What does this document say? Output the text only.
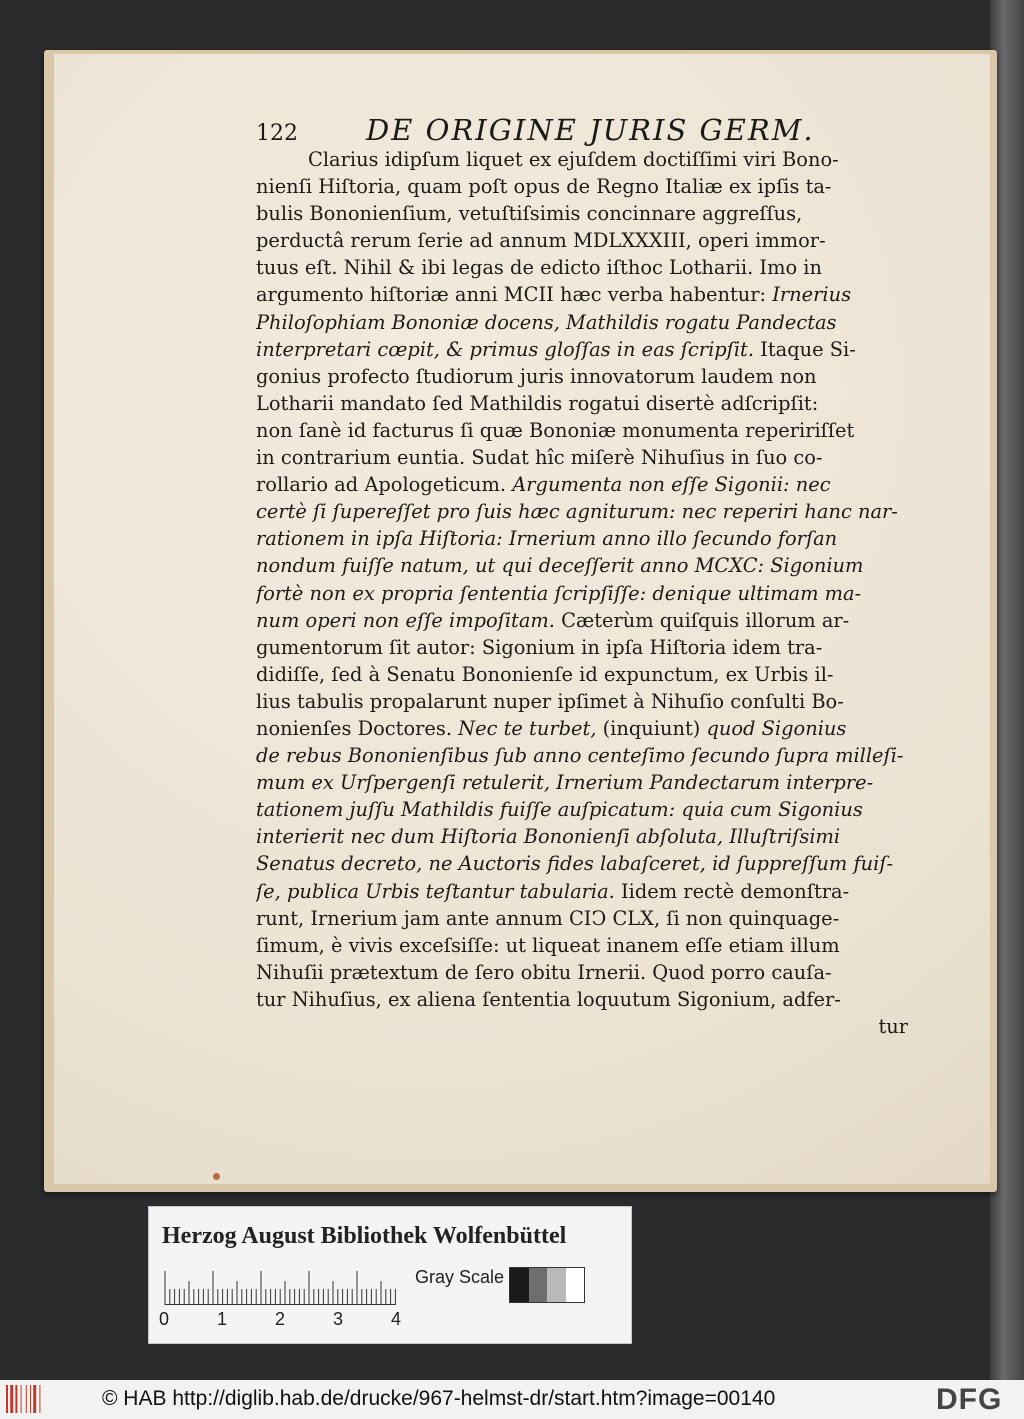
122 DE ORIGINE JURIS GERM.
Clarius idipſum liquet ex ejuſdem doctiſſimi viri Bono-
nienſi Hiſtoria, quam poſt opus de Regno Italiæ ex ipſis ta-
bulis Bononienſium, vetuſtiſsimis concinnare aggreſſus,
perductâ rerum ſerie ad annum MDLXXXIII, operi immor-
tuus eſt. Nihil & ibi legas de edicto iſthoc Lotharii. Imo in
argumento hiſtoriæ anni MCII hæc verba habentur: Irnerius
Philoſophiam Bononiæ docens, Mathildis rogatu Pandectas
interpretari cœpit, & primus gloſſas in eas ſcripſit. Itaque Si-
gonius profecto ſtudiorum juris innovatorum laudem non
Lotharii mandato ſed Mathildis rogatui disertè adſcripſit:
non ſanè id facturus ſi quæ Bononiæ monumenta repeririſſet
in contrarium euntia. Sudat hîc miſerè Nihuſius in ſuo co-
rollario ad Apologeticum. Argumenta non eſſe Sigonii: nec
certè ſi ſupereſſet pro ſuis hæc agniturum: nec reperiri hanc nar-
rationem in ipſa Hiſtoria: Irnerium anno illo ſecundo forſan
nondum fuiſſe natum, ut qui deceſſerit anno MCXC: Sigonium
fortè non ex propria ſententia ſcripſiſſe: denique ultimam ma-
num operi non eſſe impoſitam. Cæterùm quiſquis illorum ar-
gumentorum ſit autor: Sigonium in ipſa Hiſtoria idem tra-
didiſſe, ſed à Senatu Bononienſe id expunctum, ex Urbis il-
lius tabulis propalarunt nuper ipſimet à Nihuſio conſulti Bo-
nonienſes Doctores. Nec te turbet, (inquiunt) quod Sigonius
de rebus Bononienſibus ſub anno centeſimo ſecundo ſupra milleſi-
mum ex Urſpergenſi retulerit, Irnerium Pandectarum interpre-
tationem juſſu Mathildis fuiſſe auſpicatum: quia cum Sigonius
interierit nec dum Hiſtoria Bononienſi abſoluta, Illuſtriſsimi
Senatus decreto, ne Auctoris fides labaſceret, id ſuppreſſum fuiſ-
ſe, publica Urbis teſtantur tabularia. Iidem rectè demonſtra-
runt, Irnerium jam ante annum CIↃ CLX, ſi non quinquage-
ſimum, è vivis exceſsiſſe: ut liqueat inanem eſſe etiam illum
Nihuſii prætextum de ſero obitu Irnerii. Quod porro cauſa-
tur Nihuſius, ex aliena ſententia loquutum Sigonium, adfer-
tur
Herzog August Bibliothek Wolfenbüttel
0	1	2	3	4
Gray Scale
© HAB http://diglib.hab.de/drucke/967-helmst-dr/start.htm?image=00140	DFG
